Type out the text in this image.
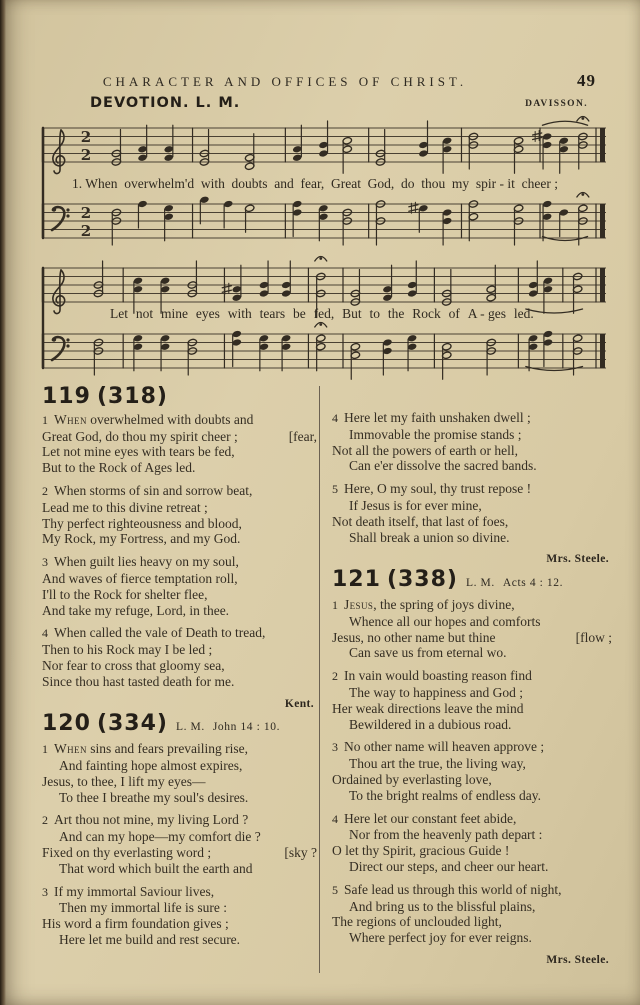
CHARACTER AND OFFICES OF CHRIST.	49
DEVOTION. L. M.	DAVISSON.
2
2
2
2
1. When overwhelm'd with doubts and fear, Great God, do thou my spir - it cheer ;
Let not mine eyes with tears be fed, But to the Rock of A - ges led.
119 (318)
1 When overwhelmed with doubts and
Great God, do thou my spirit cheer ;	[fear,
Let not mine eyes with tears be fed,
But to the Rock of Ages led.
2 When storms of sin and sorrow beat,
Lead me to this divine retreat ;
Thy perfect righteousness and blood,
My Rock, my Fortress, and my God.
3 When guilt lies heavy on my soul,
And waves of fierce temptation roll,
I'll to the Rock for shelter flee,
And take my refuge, Lord, in thee.
4 When called the vale of Death to tread,
Then to his Rock may I be led ;
Nor fear to cross that gloomy sea,
Since thou hast tasted death for me.
Kent.
120 (334) L. M. John 14 : 10.
1 When sins and fears prevailing rise,
And fainting hope almost expires,
Jesus, to thee, I lift my eyes—
To thee I breathe my soul's desires.
2 Art thou not mine, my living Lord ?
And can my hope—my comfort die ?
Fixed on thy everlasting word ;	[sky ?
That word which built the earth and
3 If my immortal Saviour lives,
Then my immortal life is sure :
His word a firm foundation gives ;
Here let me build and rest secure.
4 Here let my faith unshaken dwell ;
Immovable the promise stands ;
Not all the powers of earth or hell,
Can e'er dissolve the sacred bands.
5 Here, O my soul, thy trust repose !
If Jesus is for ever mine,
Not death itself, that last of foes,
Shall break a union so divine.
Mrs. Steele.
121 (338) L. M. Acts 4 : 12.
1 Jesus, the spring of joys divine,
Whence all our hopes and comforts
Jesus, no other name but thine	[flow ;
Can save us from eternal wo.
2 In vain would boasting reason find
The way to happiness and God ;
Her weak directions leave the mind
Bewildered in a dubious road.
3 No other name will heaven approve ;
Thou art the true, the living way,
Ordained by everlasting love,
To the bright realms of endless day.
4 Here let our constant feet abide,
Nor from the heavenly path depart :
O let thy Spirit, gracious Guide !
Direct our steps, and cheer our heart.
5 Safe lead us through this world of night,
And bring us to the blissful plains,
The regions of unclouded light,
Where perfect joy for ever reigns.
Mrs. Steele.
